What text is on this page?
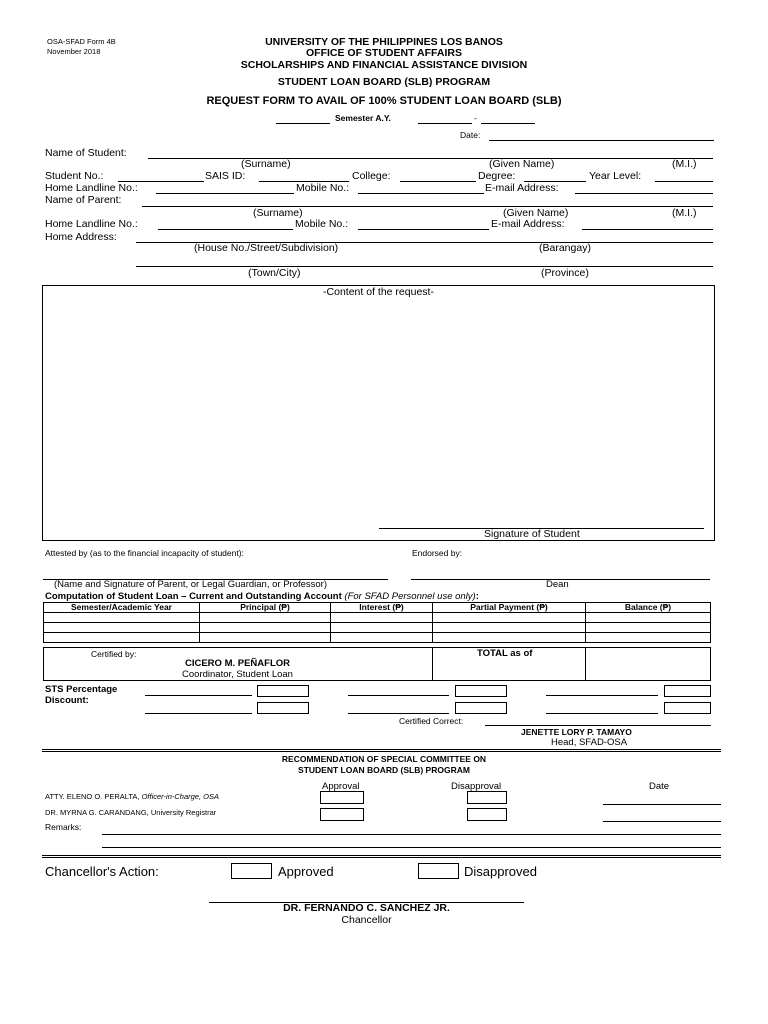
OSA-SFAD Form 4B
November 2018
UNIVERSITY OF THE PHILIPPINES LOS BANOS
OFFICE OF STUDENT AFFAIRS
SCHOLARSHIPS AND FINANCIAL ASSISTANCE DIVISION
STUDENT LOAN BOARD (SLB) PROGRAM
REQUEST FORM TO AVAIL OF 100% STUDENT LOAN BOARD (SLB)
Semester A.Y.	-
Date:
Name of Student:
(Surname)	(Given Name)	(M.I.)
Student No.:	SAIS ID:	College:	Degree:	Year Level:
Home Landline No.:	Mobile No.:	E-mail Address:
Name of Parent:
(Surname)	(Given Name)	(M.I.)
Home Landline No.:	Mobile No.:	E-mail Address:
Home Address:
(House No./Street/Subdivision)	(Barangay)
(Town/City)	(Province)
-Content of the request-
Signature of Student
Attested by (as to the financial incapacity of student):	Endorsed by:
(Name and Signature of Parent, or Legal Guardian, or Professor)	Dean
Computation of Student Loan – Current and Outstanding Account (For SFAD Personnel use only):
Semester/Academic Year	Principal (₱)	Interest (₱)	Partial Payment (₱)	Balance (₱)

Certified by:
CICERO M. PEÑAFLOR
Coordinator, Student Loan
TOTAL as of
STS Percentage
Discount:
Certified Correct:
JENETTE LORY P. TAMAYO
Head, SFAD-OSA
RECOMMENDATION OF SPECIAL COMMITTEE ON
STUDENT LOAN BOARD (SLB) PROGRAM
Approval	Disapproval	Date
ATTY. ELENO O. PERALTA, Officer-in-Charge, OSA
DR. MYRNA G. CARANDANG, University Registrar
Remarks:
Chancellor's Action:	Approved	Disapproved
DR. FERNANDO C. SANCHEZ JR.
Chancellor
